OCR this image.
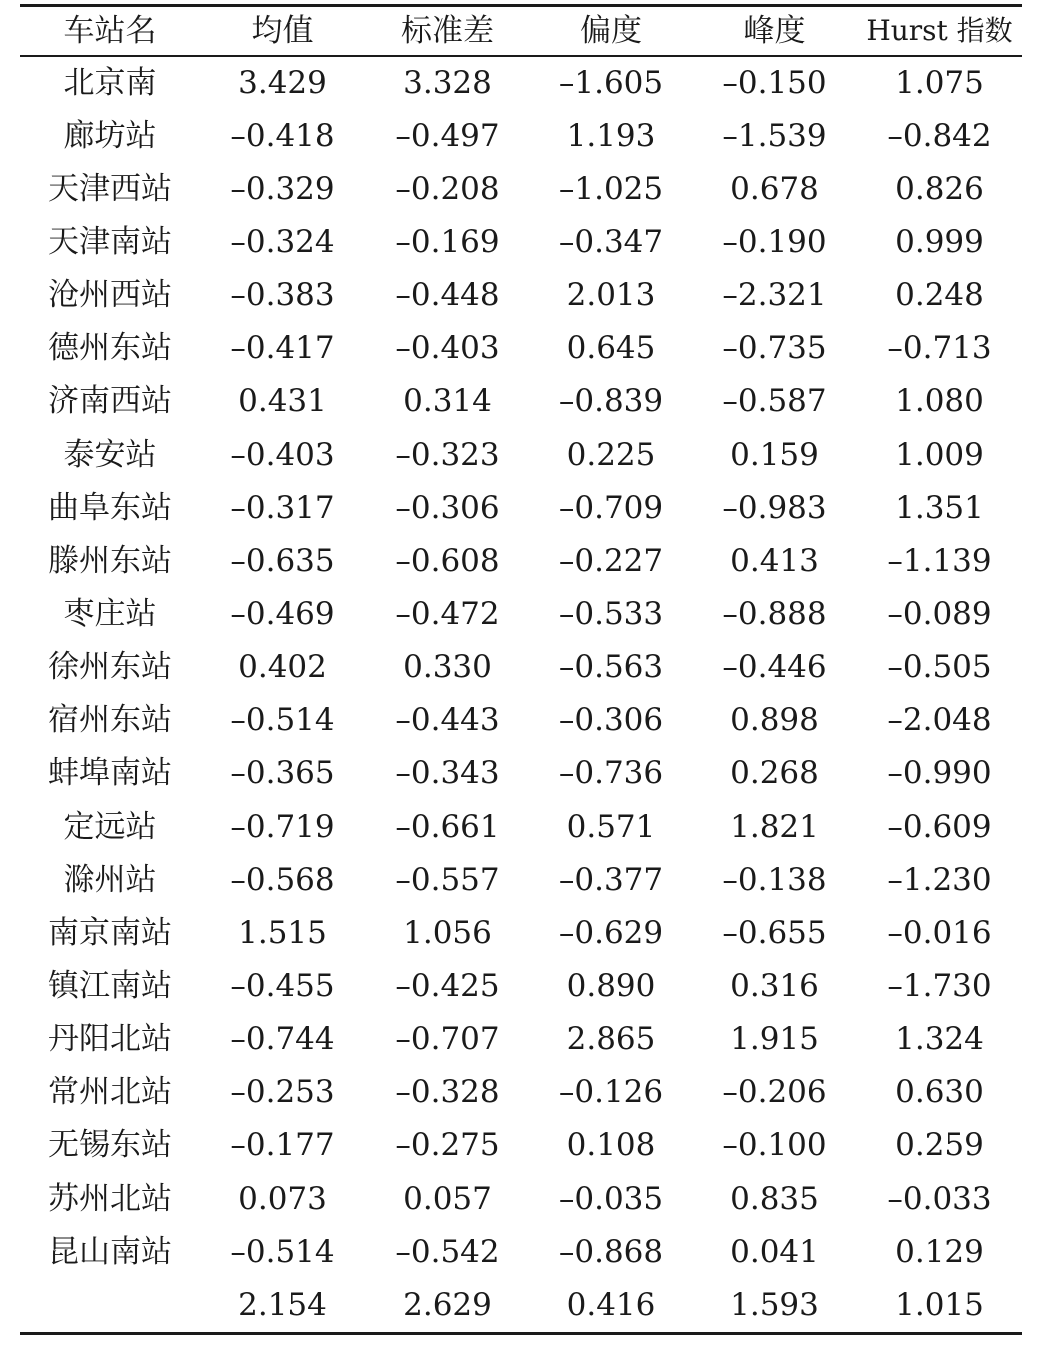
车站名	均值	标准差	偏度	峰度	Hurst 指数
北京南	3.429	3.328	–1.605	–0.150	1.075
廊坊站	–0.418	–0.497	1.193	–1.539	–0.842
天津西站	–0.329	–0.208	–1.025	0.678	0.826
天津南站	–0.324	–0.169	–0.347	–0.190	0.999
沧州西站	–0.383	–0.448	2.013	–2.321	0.248
德州东站	–0.417	–0.403	0.645	–0.735	–0.713
济南西站	0.431	0.314	–0.839	–0.587	1.080
泰安站	–0.403	–0.323	0.225	0.159	1.009
曲阜东站	–0.317	–0.306	–0.709	–0.983	1.351
滕州东站	–0.635	–0.608	–0.227	0.413	–1.139
枣庄站	–0.469	–0.472	–0.533	–0.888	–0.089
徐州东站	0.402	0.330	–0.563	–0.446	–0.505
宿州东站	–0.514	–0.443	–0.306	0.898	–2.048
蚌埠南站	–0.365	–0.343	–0.736	0.268	–0.990
定远站	–0.719	–0.661	0.571	1.821	–0.609
滁州站	–0.568	–0.557	–0.377	–0.138	–1.230
南京南站	1.515	1.056	–0.629	–0.655	–0.016
镇江南站	–0.455	–0.425	0.890	0.316	–1.730
丹阳北站	–0.744	–0.707	2.865	1.915	1.324
常州北站	–0.253	–0.328	–0.126	–0.206	0.630
无锡东站	–0.177	–0.275	0.108	–0.100	0.259
苏州北站	0.073	0.057	–0.035	0.835	–0.033
昆山南站	–0.514	–0.542	–0.868	0.041	0.129
	2.154	2.629	0.416	1.593	1.015
